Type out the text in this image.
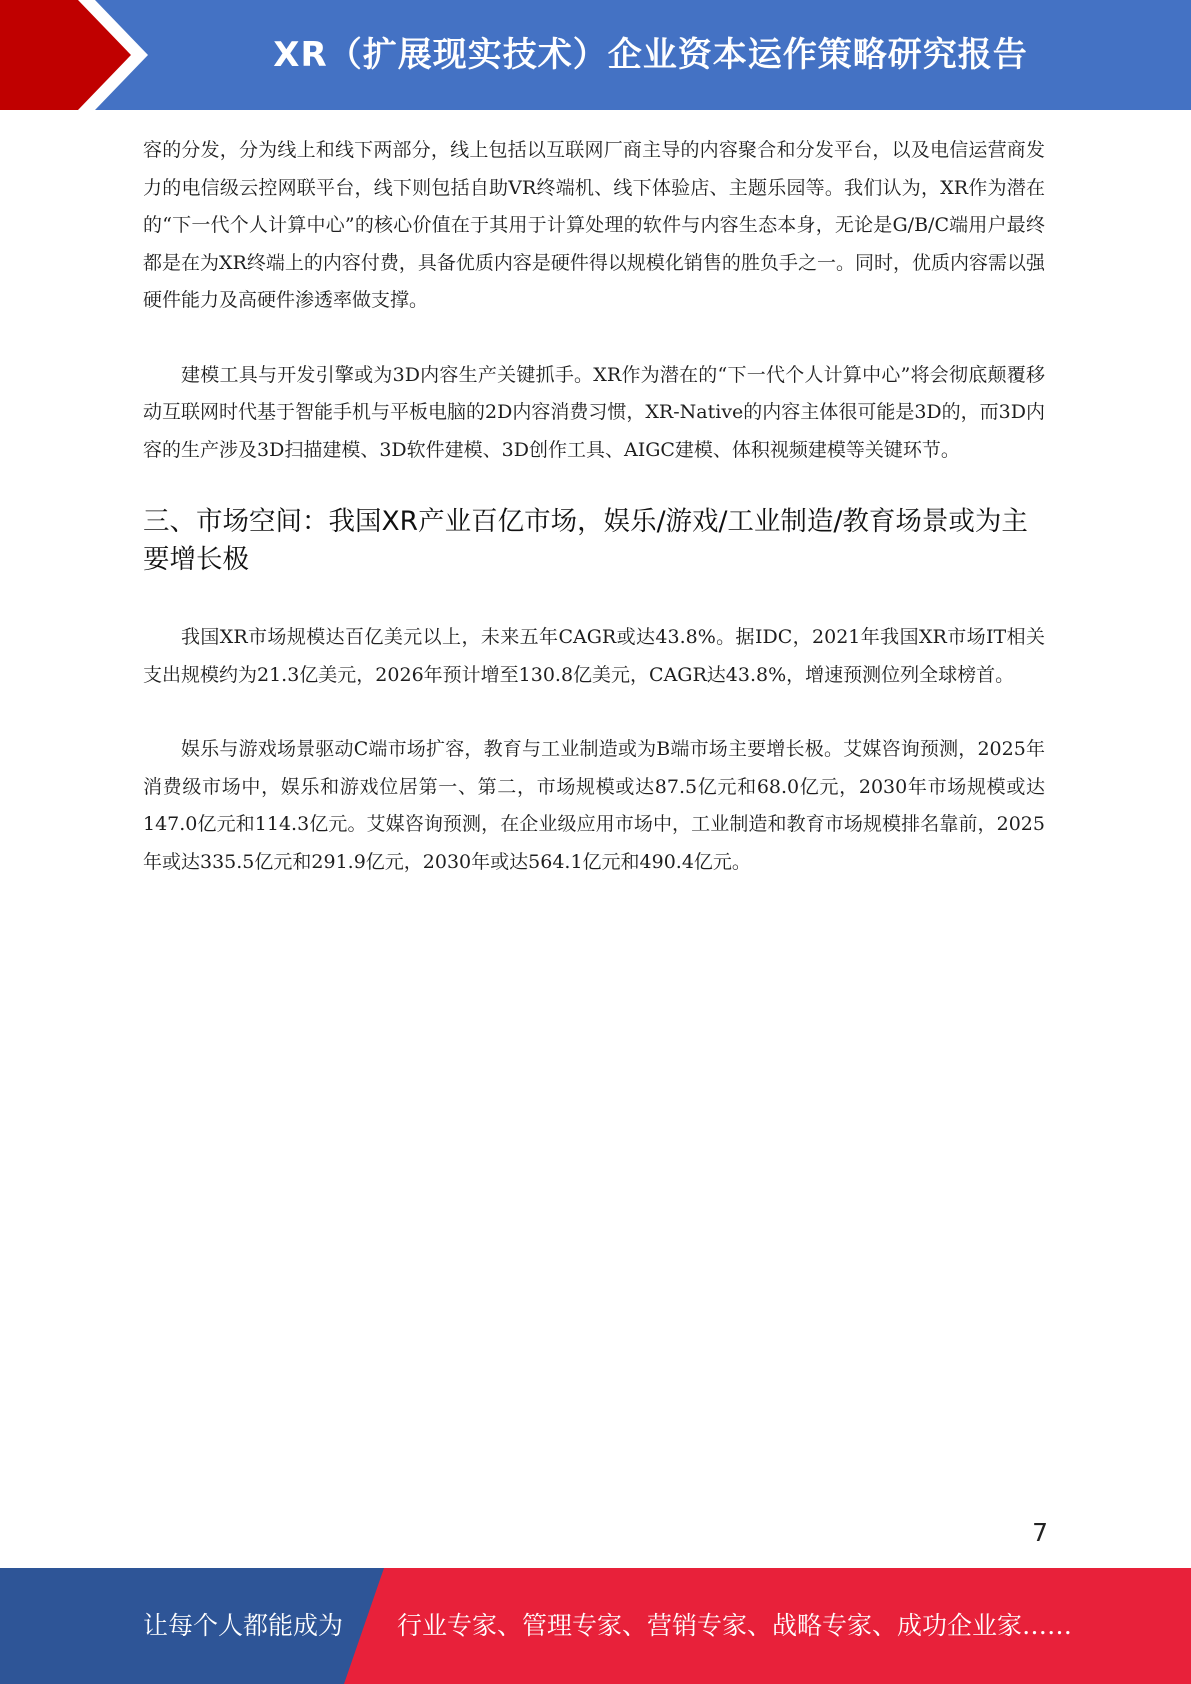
XR（扩展现实技术）企业资本运作策略研究报告

容的分发，分为线上和线下两部分，线上包括以互联网厂商主导的内容聚合和分发平台，以及电信运营商发力的电信级云控网联平台，线下则包括自助VR终端机、线下体验店、主题乐园等。我们认为，XR作为潜在的“下一代个人计算中心”的核心价值在于其用于计算处理的软件与内容生态本身，无论是G/B/C端用户最终都是在为XR终端上的内容付费，具备优质内容是硬件得以规模化销售的胜负手之一。同时，优质内容需以强硬件能力及高硬件渗透率做支撑。

建模工具与开发引擎或为3D内容生产关键抓手。XR作为潜在的“下一代个人计算中心”将会彻底颠覆移动互联网时代基于智能手机与平板电脑的2D内容消费习惯，XR-Native的内容主体很可能是3D的，而3D内容的生产涉及3D扫描建模、3D软件建模、3D创作工具、AIGC建模、体积视频建模等关键环节。

三、市场空间：我国XR产业百亿市场，娱乐/游戏/工业制造/教育场景或为主要增长极

我国XR市场规模达百亿美元以上，未来五年CAGR或达43.8%。据IDC，2021年我国XR市场IT相关支出规模约为21.3亿美元，2026年预计增至130.8亿美元，CAGR达43.8%，增速预测位列全球榜首。

娱乐与游戏场景驱动C端市场扩容，教育与工业制造或为B端市场主要增长极。艾媒咨询预测，2025年消费级市场中，娱乐和游戏位居第一、第二，市场规模或达87.5亿元和68.0亿元，2030年市场规模或达147.0亿元和114.3亿元。艾媒咨询预测，在企业级应用市场中，工业制造和教育市场规模排名靠前，2025年或达335.5亿元和291.9亿元，2030年或达564.1亿元和490.4亿元。

7
让每个人都能成为 行业专家、管理专家、营销专家、战略专家、成功企业家……
